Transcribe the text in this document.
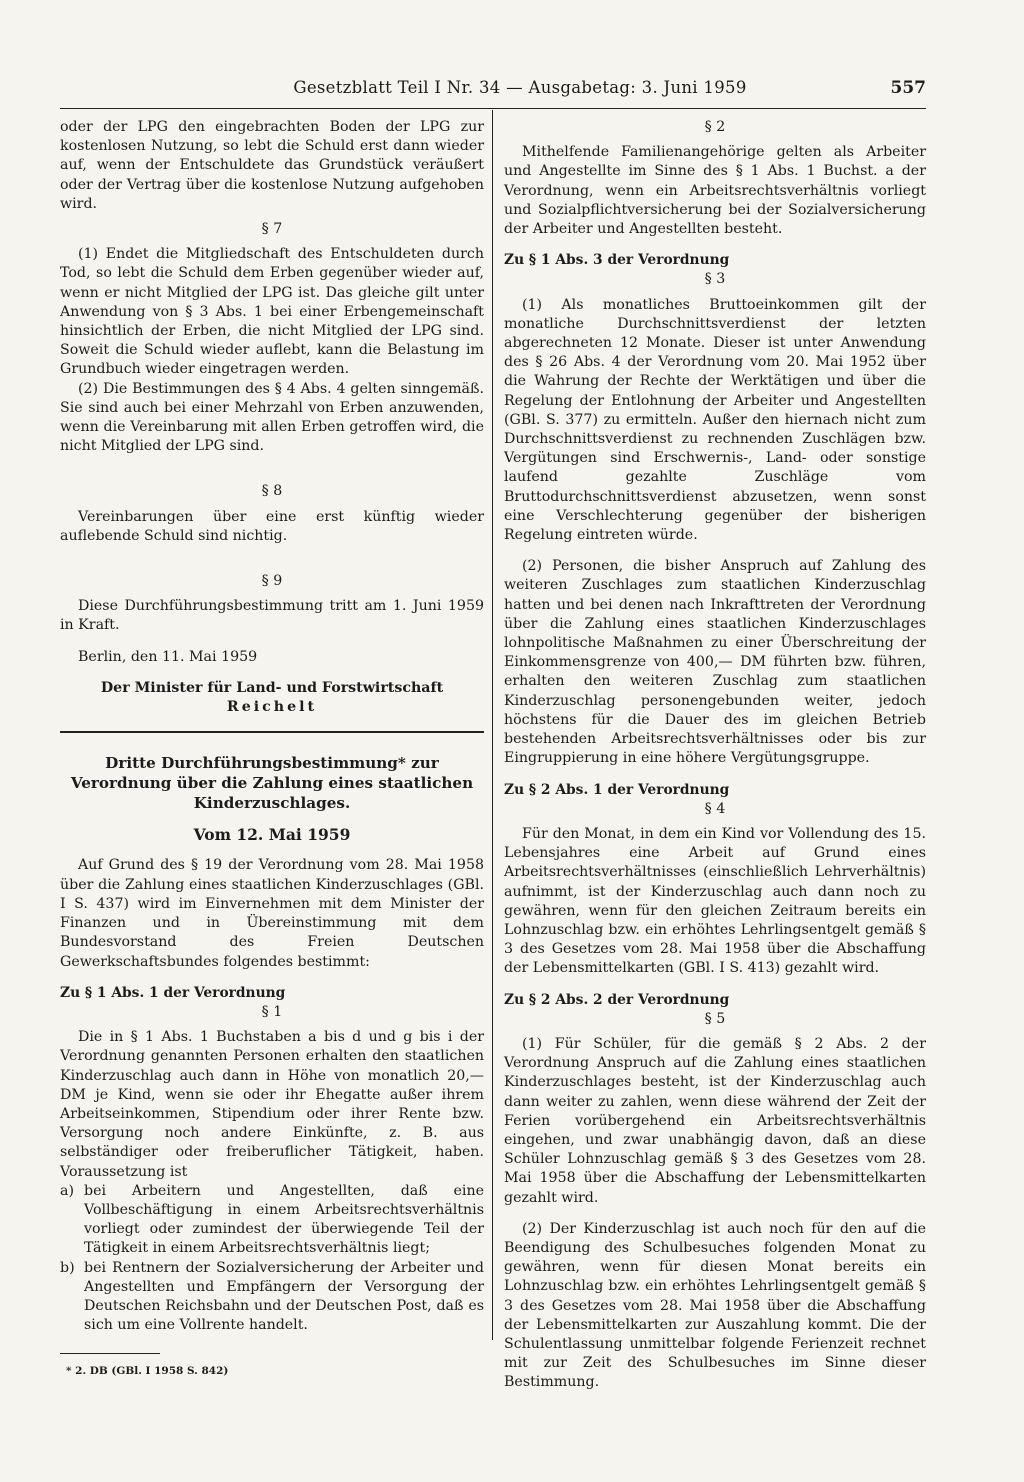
Gesetzblatt Teil I Nr. 34 — Ausgabetag: 3. Juni 1959	557

oder der LPG den eingebrachten Boden der LPG zur kostenlosen Nutzung, so lebt die Schuld erst dann wieder auf, wenn der Entschuldete das Grundstück veräußert oder der Vertrag über die kostenlose Nutzung aufgehoben wird.

§ 7

(1) Endet die Mitgliedschaft des Entschuldeten durch Tod, so lebt die Schuld dem Erben gegenüber wieder auf, wenn er nicht Mitglied der LPG ist. Das gleiche gilt unter Anwendung von § 3 Abs. 1 bei einer Erbengemeinschaft hinsichtlich der Erben, die nicht Mitglied der LPG sind. Soweit die Schuld wieder auflebt, kann die Belastung im Grundbuch wieder eingetragen werden.

(2) Die Bestimmungen des § 4 Abs. 4 gelten sinngemäß. Sie sind auch bei einer Mehrzahl von Erben anzuwenden, wenn die Vereinbarung mit allen Erben getroffen wird, die nicht Mitglied der LPG sind.

§ 8

Vereinbarungen über eine erst künftig wieder auflebende Schuld sind nichtig.

§ 9

Diese Durchführungsbestimmung tritt am 1. Juni 1959 in Kraft.

Berlin, den 11. Mai 1959

Der Minister für Land- und Forstwirtschaft
Reichelt
Dritte Durchführungsbestimmung* zur Verordnung über die Zahlung eines staatlichen Kinderzuschlages.
Vom 12. Mai 1959

Auf Grund des § 19 der Verordnung vom 28. Mai 1958 über die Zahlung eines staatlichen Kinderzuschlages (GBl. I S. 437) wird im Einvernehmen mit dem Minister der Finanzen und in Übereinstimmung mit dem Bundesvorstand des Freien Deutschen Gewerkschaftsbundes folgendes bestimmt:

Zu § 1 Abs. 1 der Verordnung

§ 1

Die in § 1 Abs. 1 Buchstaben a bis d und g bis i der Verordnung genannten Personen erhalten den staatlichen Kinderzuschlag auch dann in Höhe von monatlich 20,— DM je Kind, wenn sie oder ihr Ehegatte außer ihrem Arbeitseinkommen, Stipendium oder ihrer Rente bzw. Versorgung noch andere Einkünfte, z. B. aus selbständiger oder freiberuflicher Tätigkeit, haben. Voraussetzung ist

a) bei Arbeitern und Angestellten, daß eine Vollbeschäftigung in einem Arbeitsrechtsverhältnis vorliegt oder zumindest der überwiegende Teil der Tätigkeit in einem Arbeitsrechtsverhältnis liegt;
b) bei Rentnern der Sozialversicherung der Arbeiter und Angestellten und Empfängern der Versorgung der Deutschen Reichsbahn und der Deutschen Post, daß es sich um eine Vollrente handelt.
* 2. DB (GBl. I 1958 S. 842)
§ 2

Mithelfende Familienangehörige gelten als Arbeiter und Angestellte im Sinne des § 1 Abs. 1 Buchst. a der Verordnung, wenn ein Arbeitsrechtsverhältnis vorliegt und Sozialpflichtversicherung bei der Sozialversicherung der Arbeiter und Angestellten besteht.

Zu § 1 Abs. 3 der Verordnung

§ 3

(1) Als monatliches Bruttoeinkommen gilt der monatliche Durchschnittsverdienst der letzten abgerechneten 12 Monate. Dieser ist unter Anwendung des § 26 Abs. 4 der Verordnung vom 20. Mai 1952 über die Wahrung der Rechte der Werktätigen und über die Regelung der Entlohnung der Arbeiter und Angestellten (GBl. S. 377) zu ermitteln. Außer den hiernach nicht zum Durchschnittsverdienst zu rechnenden Zuschlägen bzw. Vergütungen sind Erschwernis-, Land- oder sonstige laufend gezahlte Zuschläge vom Bruttodurchschnittsverdienst abzusetzen, wenn sonst eine Verschlechterung gegenüber der bisherigen Regelung eintreten würde.

(2) Personen, die bisher Anspruch auf Zahlung des weiteren Zuschlages zum staatlichen Kinderzuschlag hatten und bei denen nach Inkrafttreten der Verordnung über die Zahlung eines staatlichen Kinderzuschlages lohnpolitische Maßnahmen zu einer Überschreitung der Einkommensgrenze von 400,— DM führten bzw. führen, erhalten den weiteren Zuschlag zum staatlichen Kinderzuschlag personengebunden weiter, jedoch höchstens für die Dauer des im gleichen Betrieb bestehenden Arbeitsrechtsverhältnisses oder bis zur Eingruppierung in eine höhere Vergütungsgruppe.

Zu § 2 Abs. 1 der Verordnung

§ 4

Für den Monat, in dem ein Kind vor Vollendung des 15. Lebensjahres eine Arbeit auf Grund eines Arbeitsrechtsverhältnisses (einschließlich Lehrverhältnis) aufnimmt, ist der Kinderzuschlag auch dann noch zu gewähren, wenn für den gleichen Zeitraum bereits ein Lohnzuschlag bzw. ein erhöhtes Lehrlingsentgelt gemäß § 3 des Gesetzes vom 28. Mai 1958 über die Abschaffung der Lebensmittelkarten (GBl. I S. 413) gezahlt wird.

Zu § 2 Abs. 2 der Verordnung

§ 5

(1) Für Schüler, für die gemäß § 2 Abs. 2 der Verordnung Anspruch auf die Zahlung eines staatlichen Kinderzuschlages besteht, ist der Kinderzuschlag auch dann weiter zu zahlen, wenn diese während der Zeit der Ferien vorübergehend ein Arbeitsrechtsverhältnis eingehen, und zwar unabhängig davon, daß an diese Schüler Lohnzuschlag gemäß § 3 des Gesetzes vom 28. Mai 1958 über die Abschaffung der Lebensmittelkarten gezahlt wird.

(2) Der Kinderzuschlag ist auch noch für den auf die Beendigung des Schulbesuches folgenden Monat zu gewähren, wenn für diesen Monat bereits ein Lohnzuschlag bzw. ein erhöhtes Lehrlingsentgelt gemäß § 3 des Gesetzes vom 28. Mai 1958 über die Abschaffung der Lebensmittelkarten zur Auszahlung kommt. Die der Schulentlassung unmittelbar folgende Ferienzeit rechnet mit zur Zeit des Schulbesuches im Sinne dieser Bestimmung.
